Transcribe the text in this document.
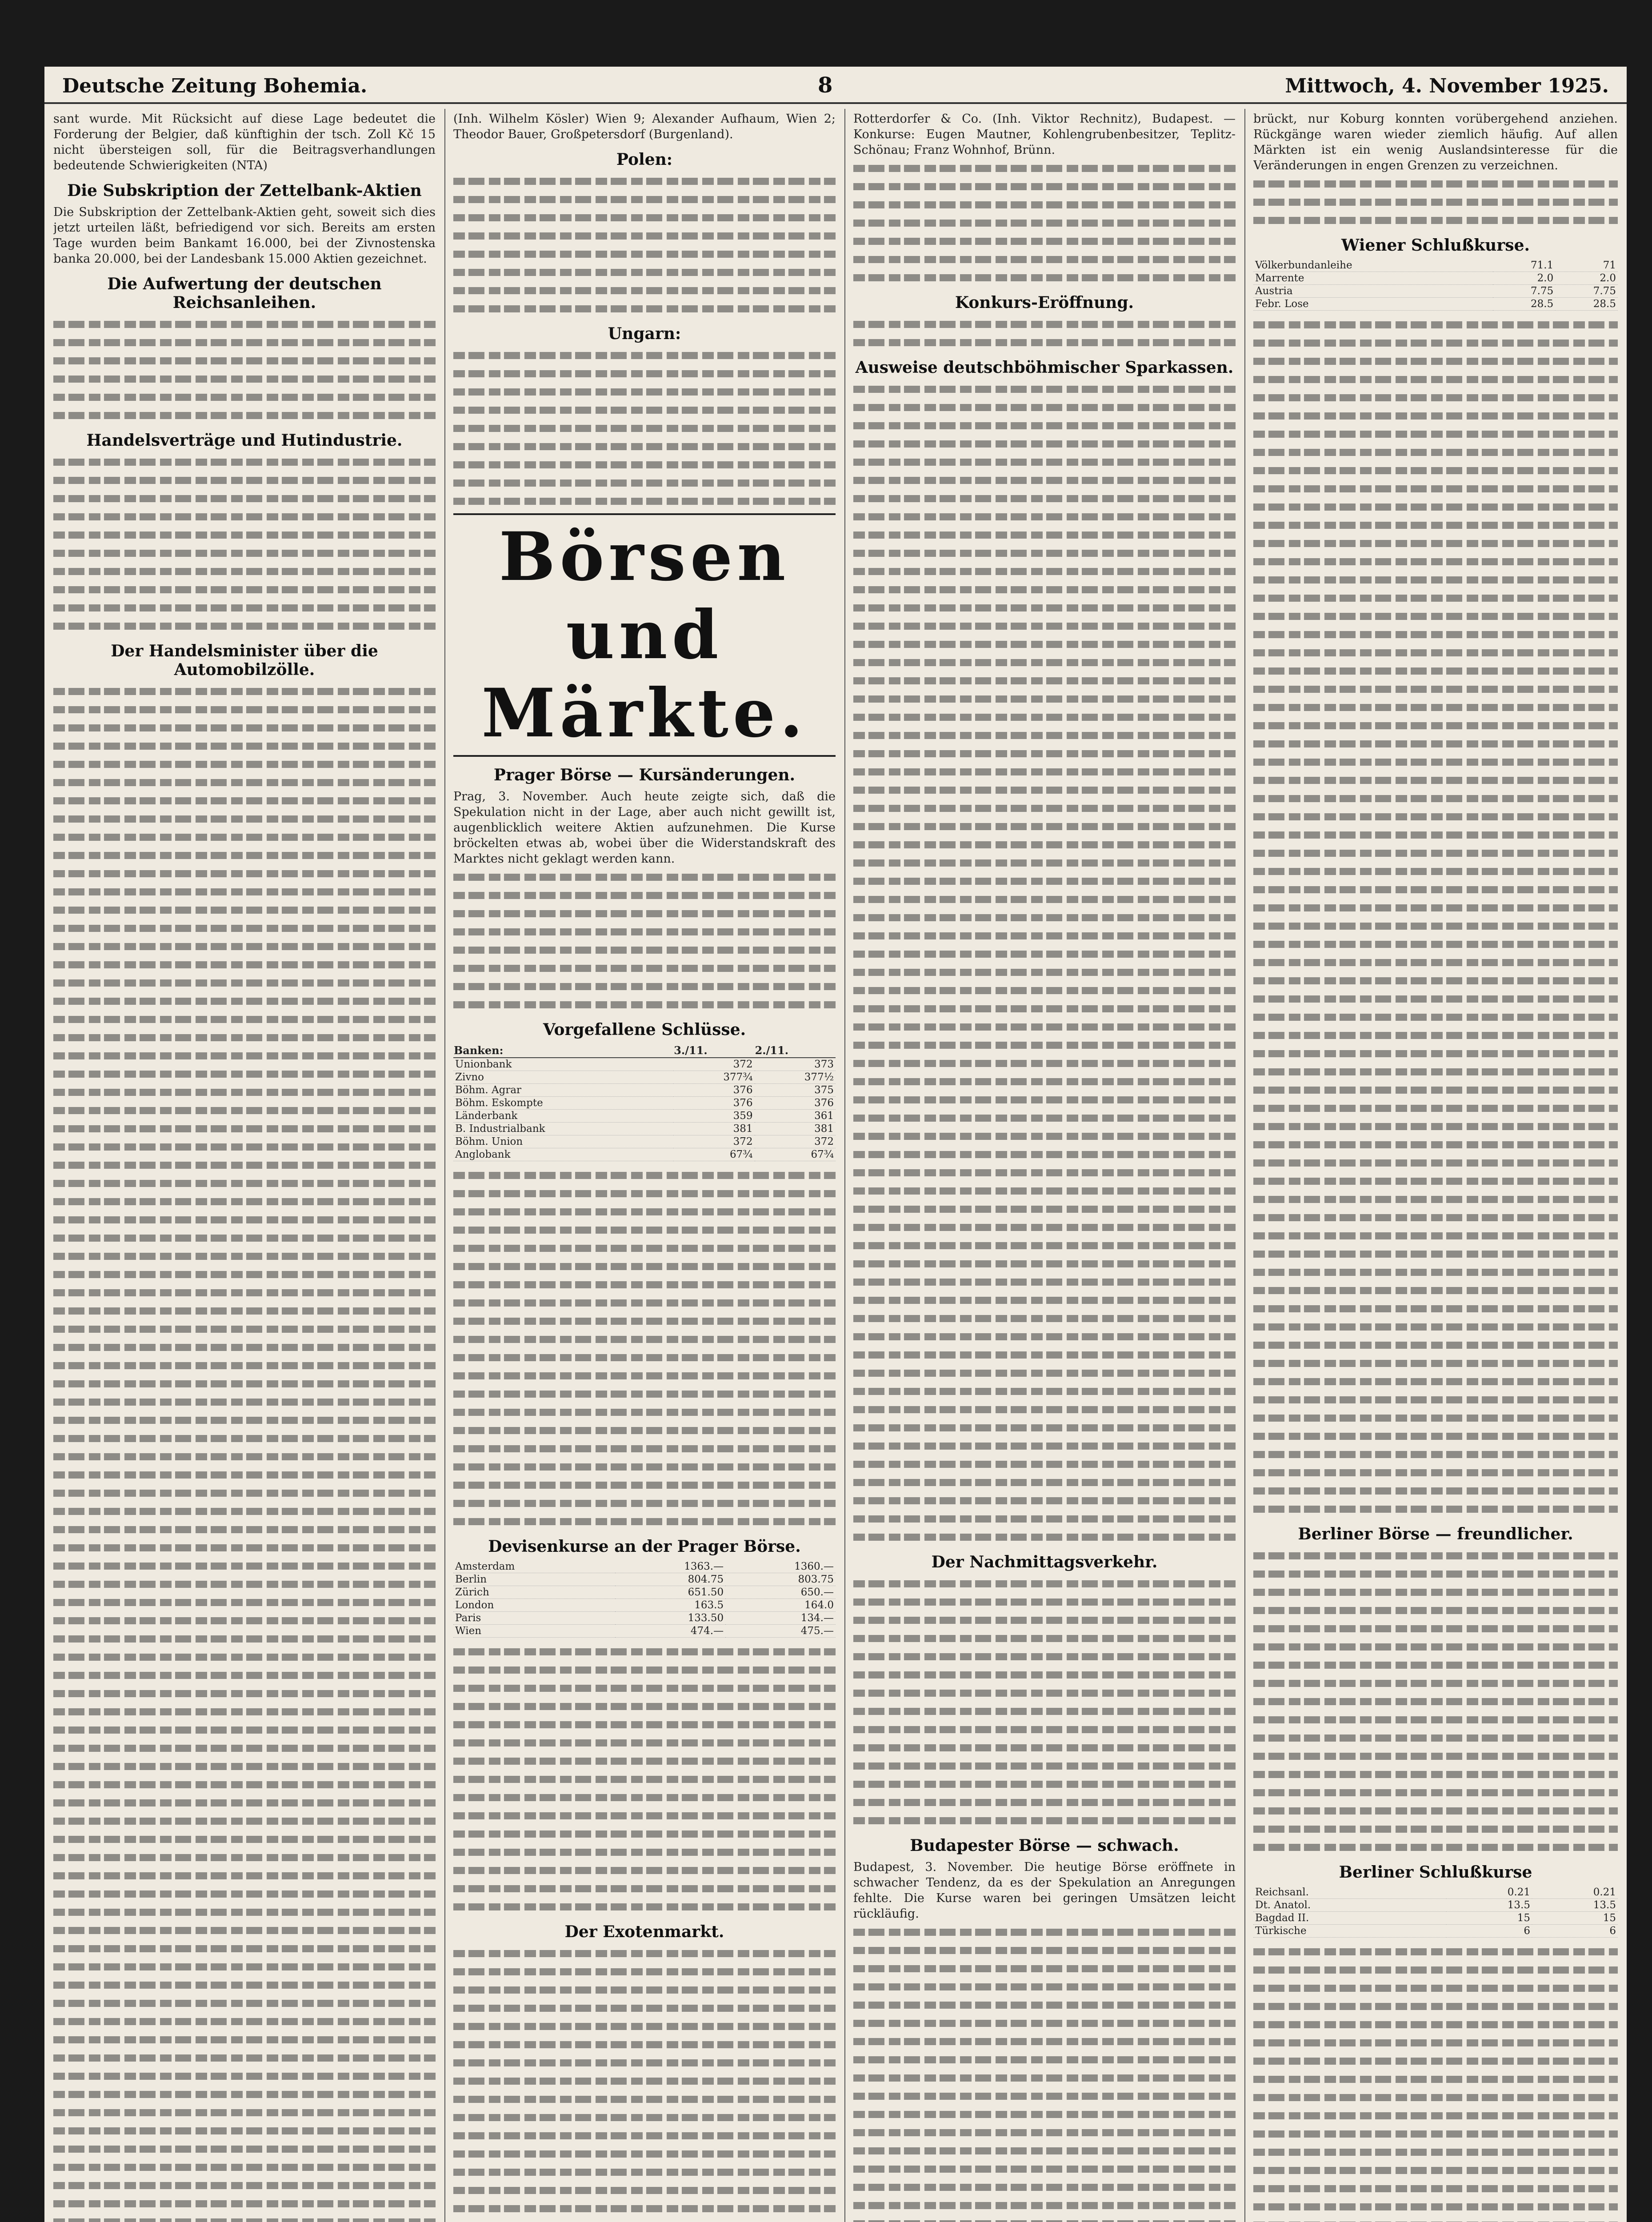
Deutsche Zeitung Bohemia.	8	Mittwoch, 4. November 1925.

sant wurde. Mit Rücksicht auf diese Lage bedeutet die Forderung der Belgier, daß künftighin der tsch. Zoll Kč 15 nicht übersteigen soll, für die Beitragsverhandlungen bedeutende Schwierigkeiten (NTA)

Die Subskription der Zettelbank-Aktien

Die Subskription der Zettelbank-Aktien geht, soweit sich dies jetzt urteilen läßt, befriedigend vor sich. Bereits am ersten Tage wurden beim Bankamt 16.000, bei der Zivnostenska banka 20.000, bei der Landesbank 15.000 Aktien gezeichnet.

Die Aufwertung der deutschen Reichsanleihen.
Handelsverträge und Hutindustrie.
Der Handelsminister über die Automobilzölle.

(Inh. Wilhelm Kösler) Wien 9; Alexander Aufhaum, Wien 2; Theodor Bauer, Großpetersdorf (Burgenland).

Polen:
Ungarn:
Börsen und Märkte.
Prager Börse — Kursänderungen.

Prag, 3. November. Auch heute zeigte sich, daß die Spekulation nicht in der Lage, aber auch nicht gewillt ist, augenblicklich weitere Aktien aufzunehmen. Die Kurse bröckelten etwas ab, wobei über die Widerstandskraft des Marktes nicht geklagt werden kann.

Vorgefallene Schlüsse.
Banken:	3./11.	2./11.
Unionbank	372	373
Zivno	377¾	377½
Böhm. Agrar	376	375
Böhm. Eskompte	376	376
Länderbank	359	361
B. Industrialbank	381	381
Böhm. Union	372	372
Anglobank	67¾	67¾
Devisenkurse an der Prager Börse.
Amsterdam	1363.—	1360.—
Berlin	804.75	803.75
Zürich	651.50	650.—
London	163.5	164.0
Paris	133.50	134.—
Wien	474.—	475.—
Der Exotenmarkt.

Rotterdorfer & Co. (Inh. Viktor Rechnitz), Budapest. — Konkurse: Eugen Mautner, Kohlengrubenbesitzer, Teplitz-Schönau; Franz Wohnhof, Brünn.

Konkurs-Eröffnung.
Ausweise deutschböhmischer Sparkassen.
Der Nachmittagsverkehr.
Budapester Börse — schwach.

Budapest, 3. November. Die heutige Börse eröffnete in schwacher Tendenz, da es der Spekulation an Anregungen fehlte. Die Kurse waren bei geringen Umsätzen leicht rückläufig.

brückt, nur Koburg konnten vorübergehend anziehen. Rückgänge waren wieder ziemlich häufig. Auf allen Märkten ist ein wenig Auslandsinteresse für die Veränderungen in engen Grenzen zu verzeichnen.

Wiener Schlußkurse.
Völkerbundanleihe	71.1	71
Marrente	2.0	2.0
Austria	7.75	7.75
Febr. Lose	28.5	28.5
Berliner Börse — freundlicher.
Berliner Schlußkurse
Reichsanl.	0.21	0.21
Dt. Anatol.	13.5	13.5
Bagdad II.	15	15
Türkische	6	6
